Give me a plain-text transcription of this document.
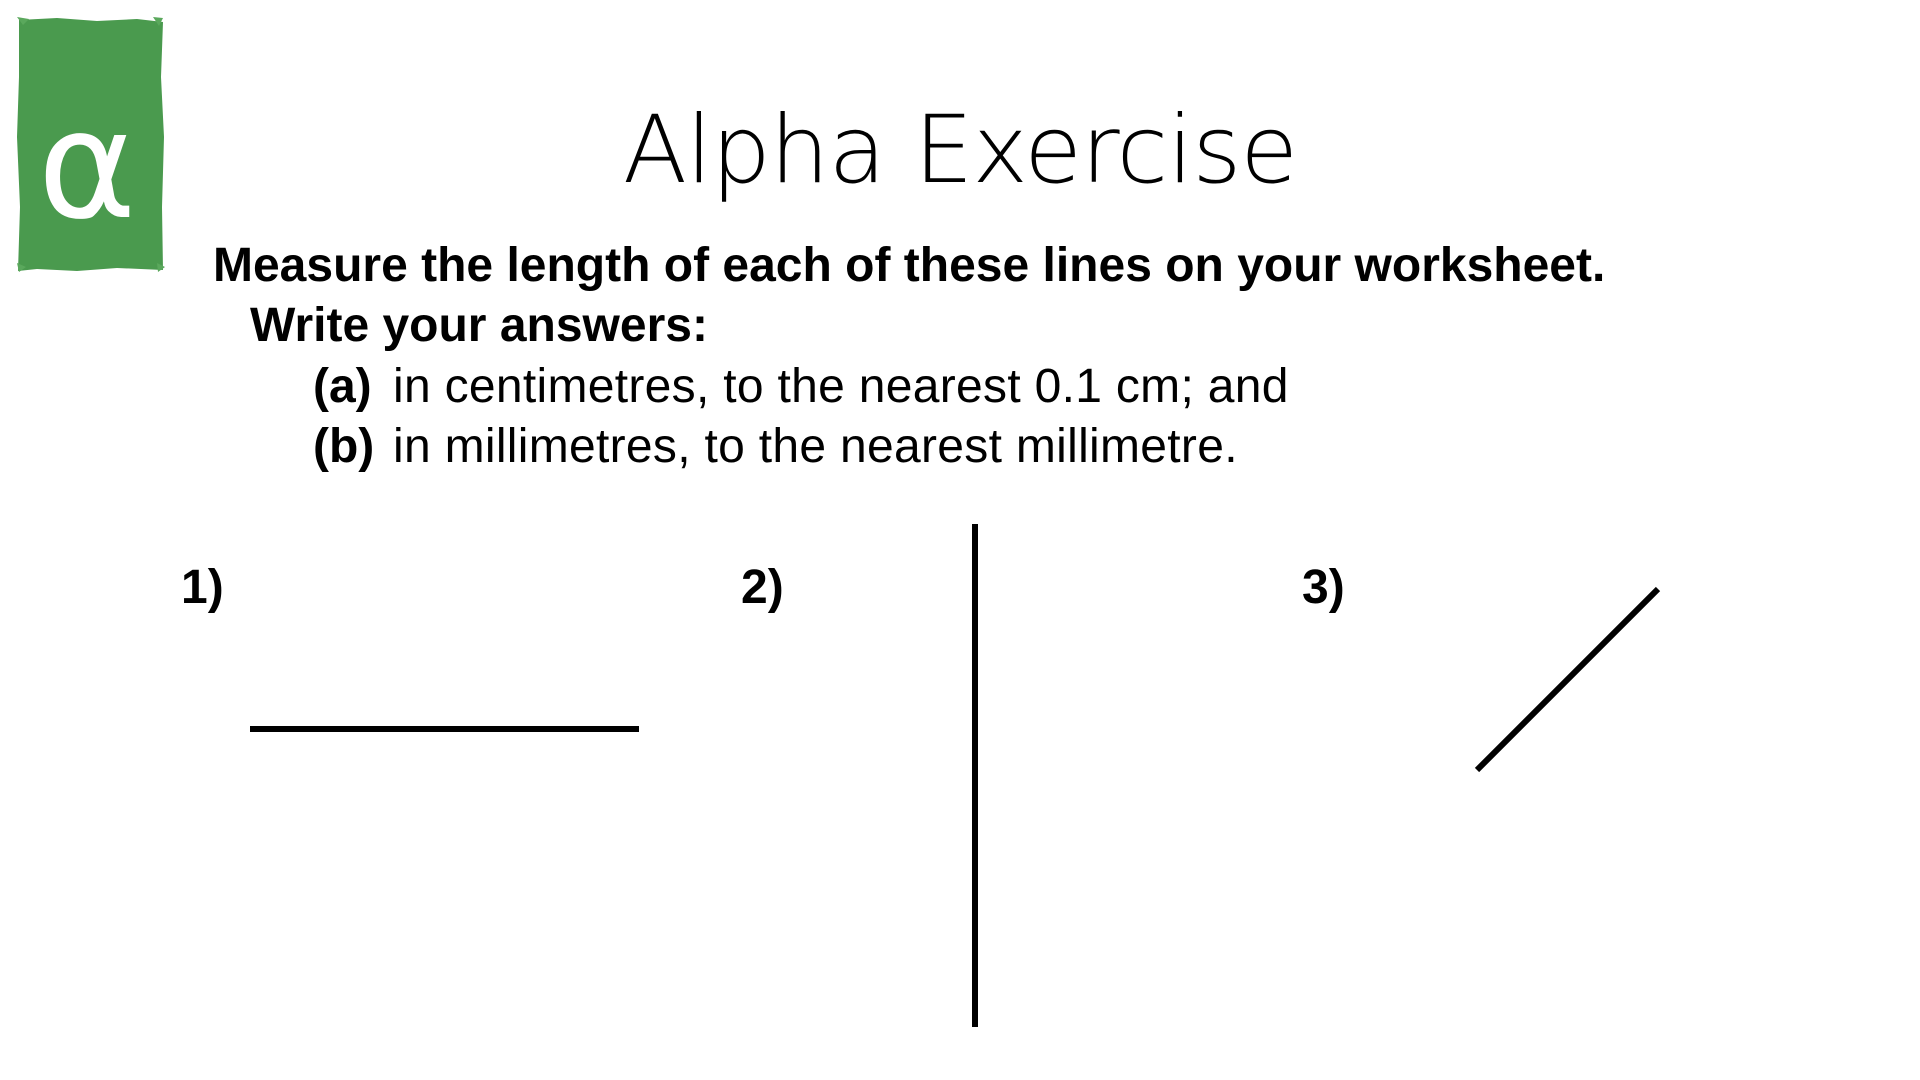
α	Alpha Exercise
Measure the length of each of these lines on your worksheet.
Write your answers:
(a) in centimetres, to the nearest 0.1 cm; and
(b) in millimetres, to the nearest millimetre.
1)	2)	3)
